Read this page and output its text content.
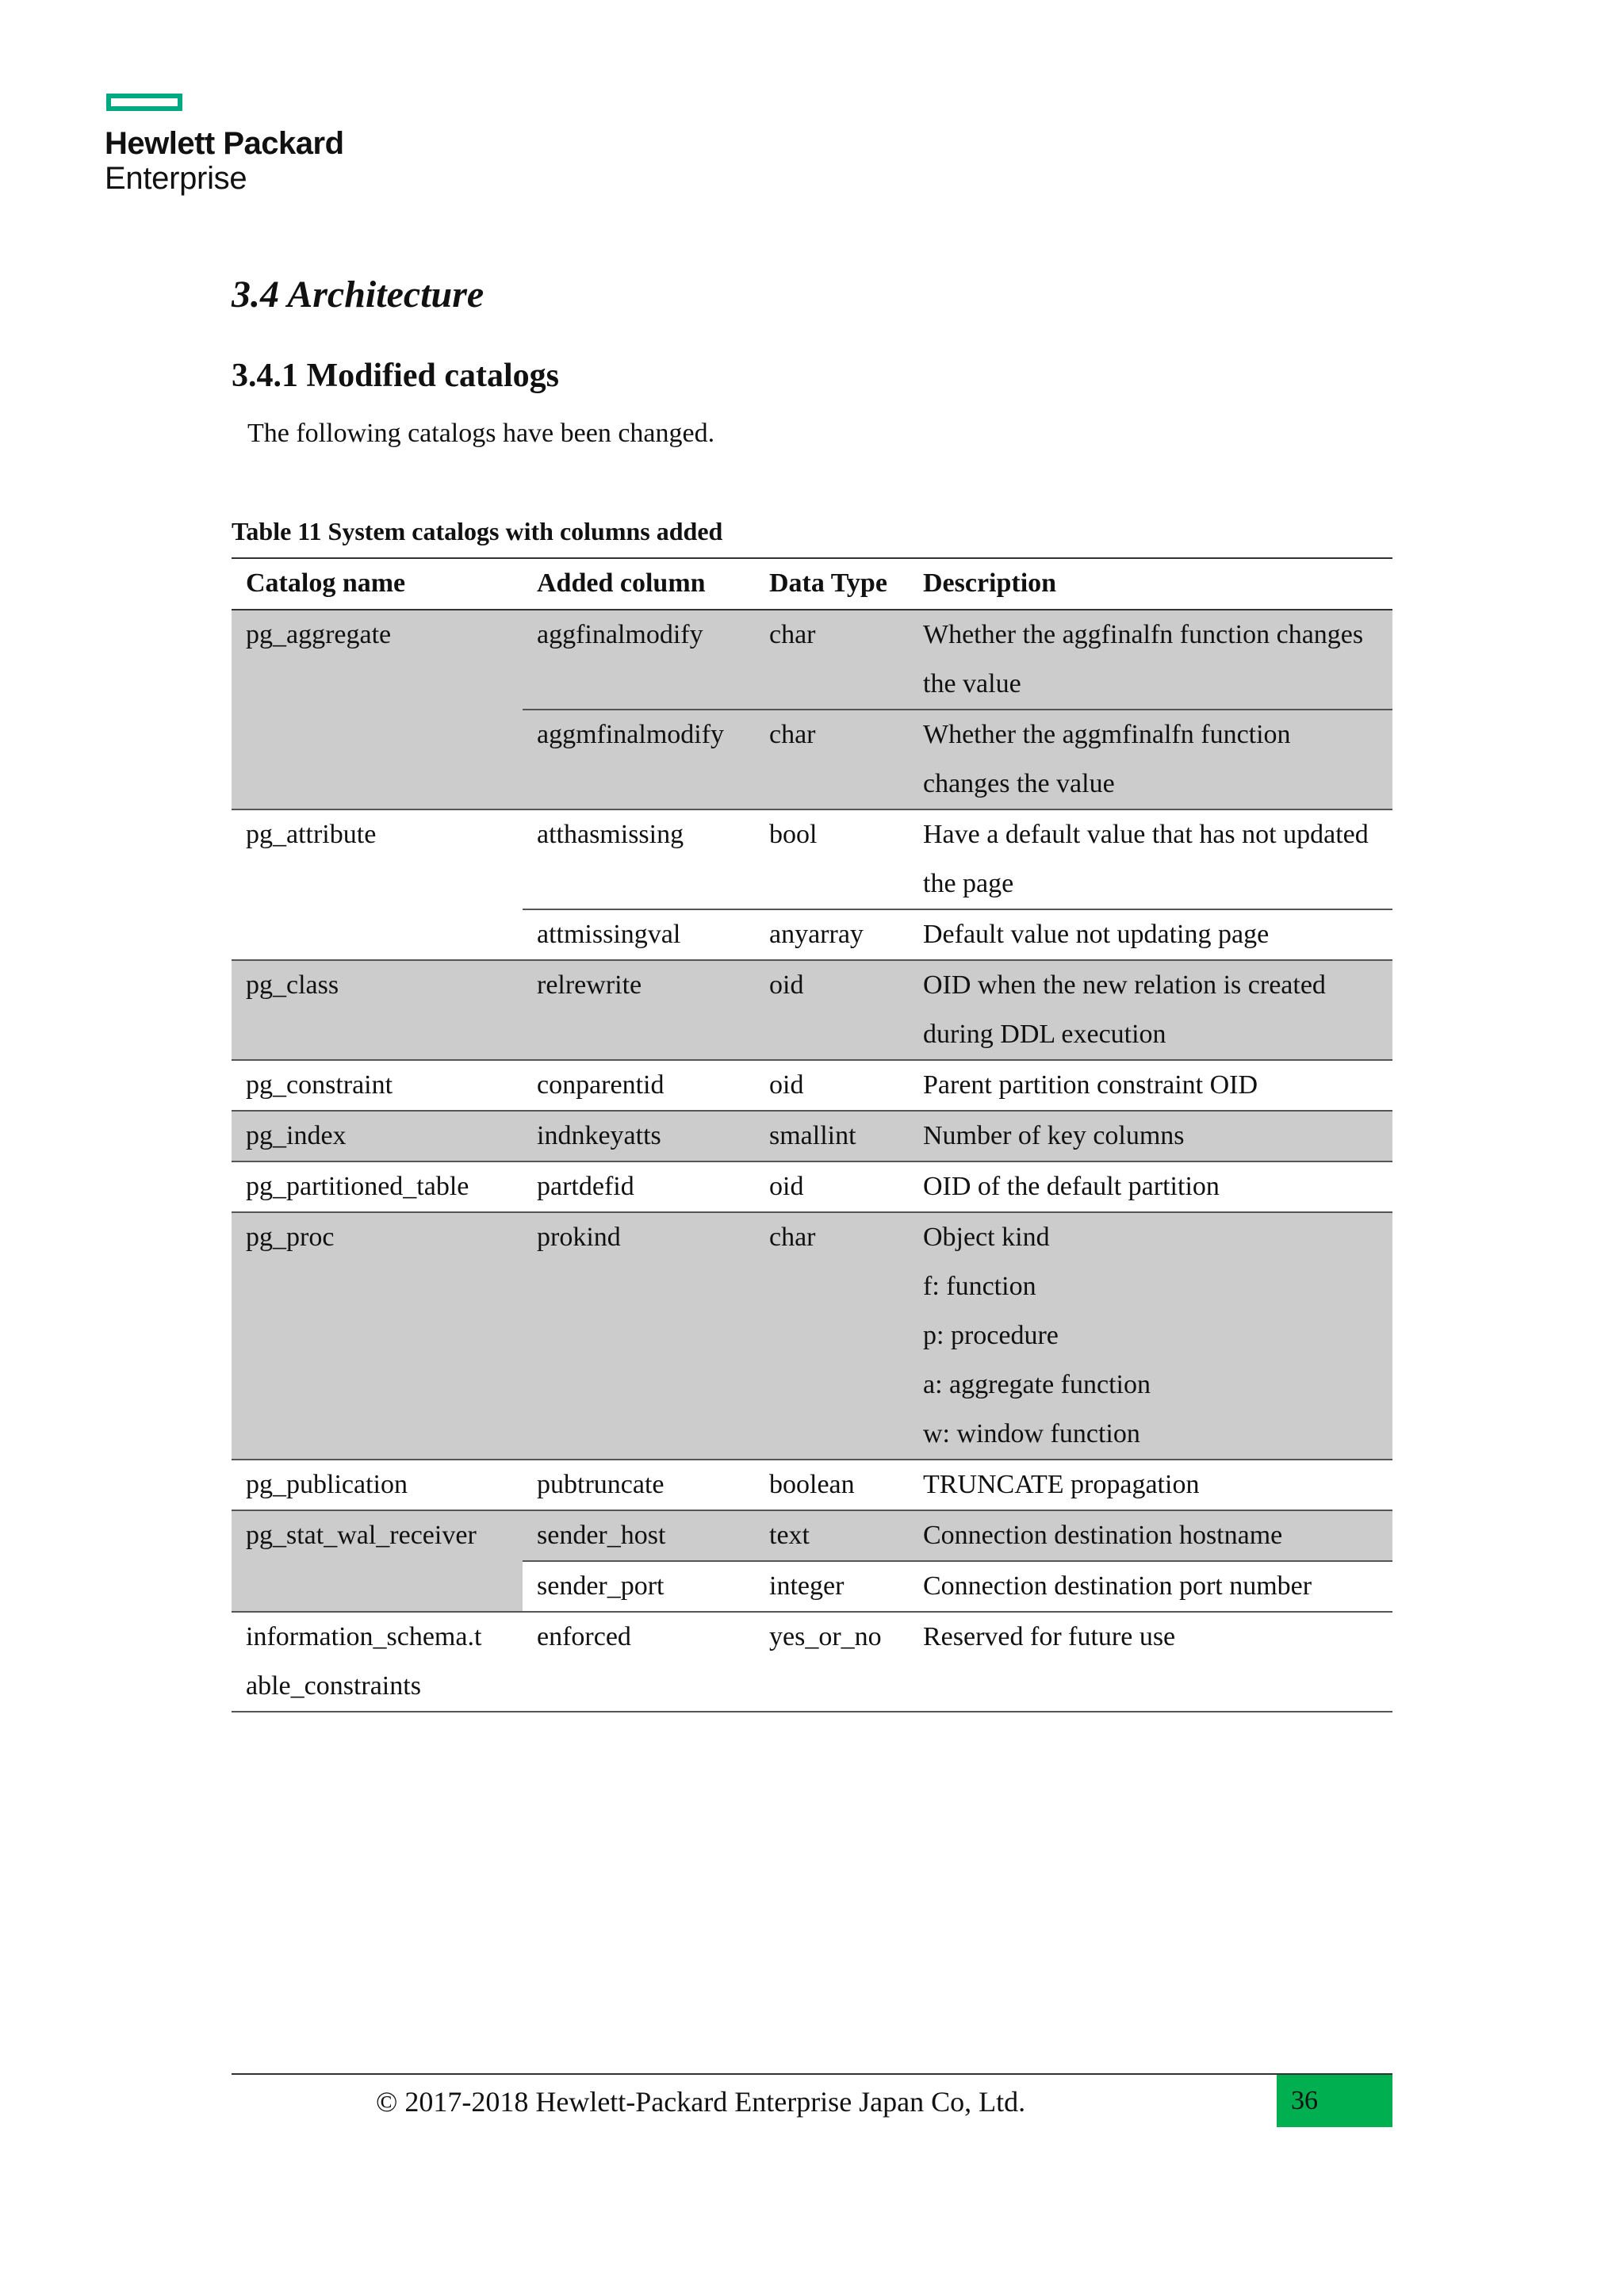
Hewlett Packard
Enterprise
3.4 Architecture
3.4.1 Modified catalogs

The following catalogs have been changed.

Table 11 System catalogs with columns added

Catalog name	Added column	Data Type	Description
pg_aggregate	aggfinalmodify	char	Whether the aggfinalfn function changes the value
	aggmfinalmodify	char	Whether the aggmfinalfn function changes the value
pg_attribute	atthasmissing	bool	Have a default value that has not updated the page
	attmissingval	anyarray	Default value not updating page
pg_class	relrewrite	oid	OID when the new relation is created during DDL execution
pg_constraint	conparentid	oid	Parent partition constraint OID
pg_index	indnkeyatts	smallint	Number of key columns
pg_partitioned_table	partdefid	oid	OID of the default partition
pg_proc	prokind	char	Object kind
f: function
p: procedure
a: aggregate function
w: window function

pg_publication	pubtruncate	boolean	TRUNCATE propagation
pg_stat_wal_receiver	sender_host	text	Connection destination hostname
	sender_port	integer	Connection destination port number

information_schema.t
able_constraints	enforced	yes_or_no	Reserved for future use

© 2017-2018 Hewlett-Packard Enterprise Japan Co, Ltd.	36
